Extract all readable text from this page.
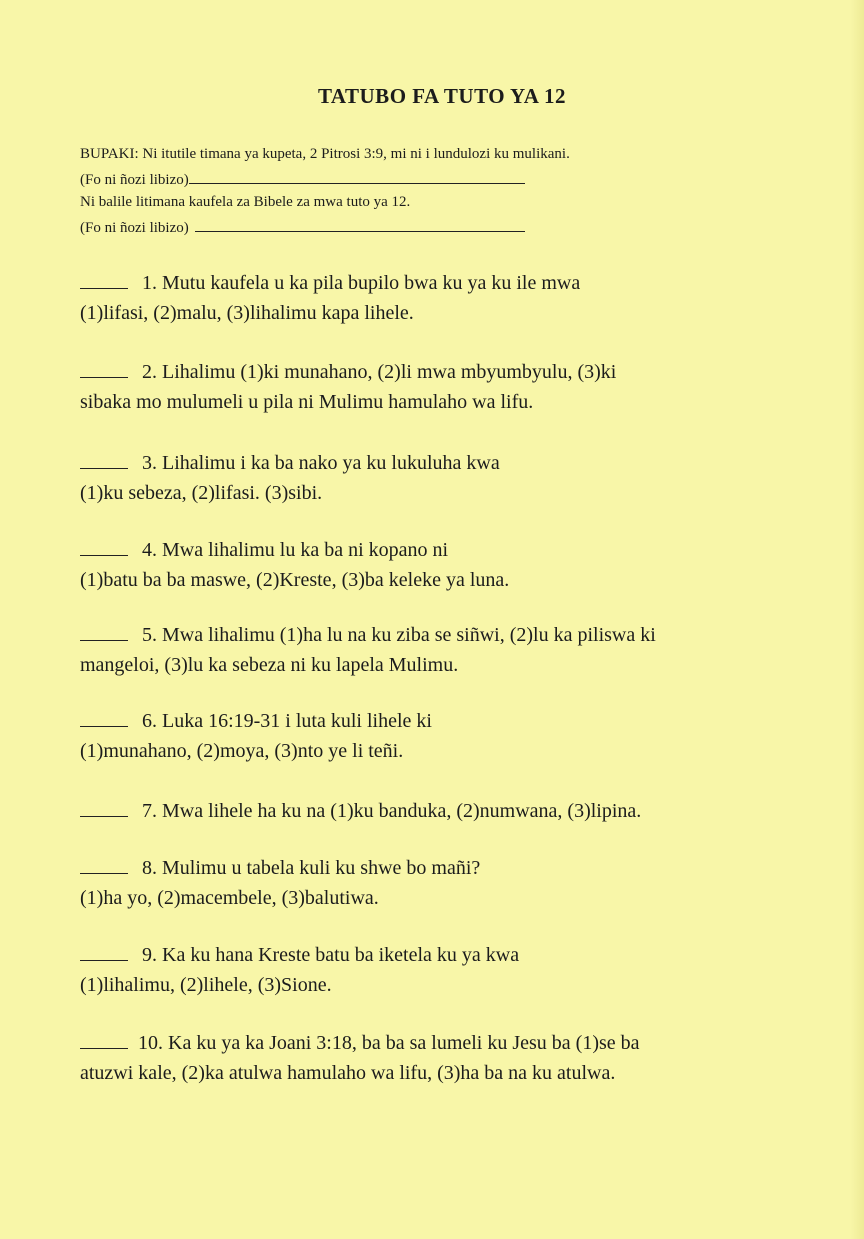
TATUBO FA TUTO YA 12
BUPAKI: Ni itutile timana ya kupeta, 2 Pitrosi 3:9, mi ni i lundulozi ku mulikani.
(Fo ni ñozi libizo)
Ni balile litimana kaufela za Bibele za mwa tuto ya 12.
(Fo ni ñozi libizo)
1. Mutu kaufela u ka pila bupilo bwa ku ya ku ile mwa
(1)lifasi, (2)malu, (3)lihalimu kapa lihele.
2. Lihalimu (1)ki munahano, (2)li mwa mbyumbyulu, (3)ki
sibaka mo mulumeli u pila ni Mulimu hamulaho wa lifu.
3. Lihalimu i ka ba nako ya ku lukuluha kwa
(1)ku sebeza, (2)lifasi. (3)sibi.
4. Mwa lihalimu lu ka ba ni kopano ni
(1)batu ba ba maswe, (2)Kreste, (3)ba keleke ya luna.
5. Mwa lihalimu (1)ha lu na ku ziba se siñwi, (2)lu ka piliswa ki
mangeloi, (3)lu ka sebeza ni ku lapela Mulimu.
6. Luka 16:19-31 i luta kuli lihele ki
(1)munahano, (2)moya, (3)nto ye li teñi.
7. Mwa lihele ha ku na (1)ku banduka, (2)numwana, (3)lipina.
8. Mulimu u tabela kuli ku shwe bo mañi?
(1)ha yo, (2)macembele, (3)balutiwa.
9. Ka ku hana Kreste batu ba iketela ku ya kwa
(1)lihalimu, (2)lihele, (3)Sione.
10. Ka ku ya ka Joani 3:18, ba ba sa lumeli ku Jesu ba (1)se ba
atuzwi kale, (2)ka atulwa hamulaho wa lifu, (3)ha ba na ku atulwa.
